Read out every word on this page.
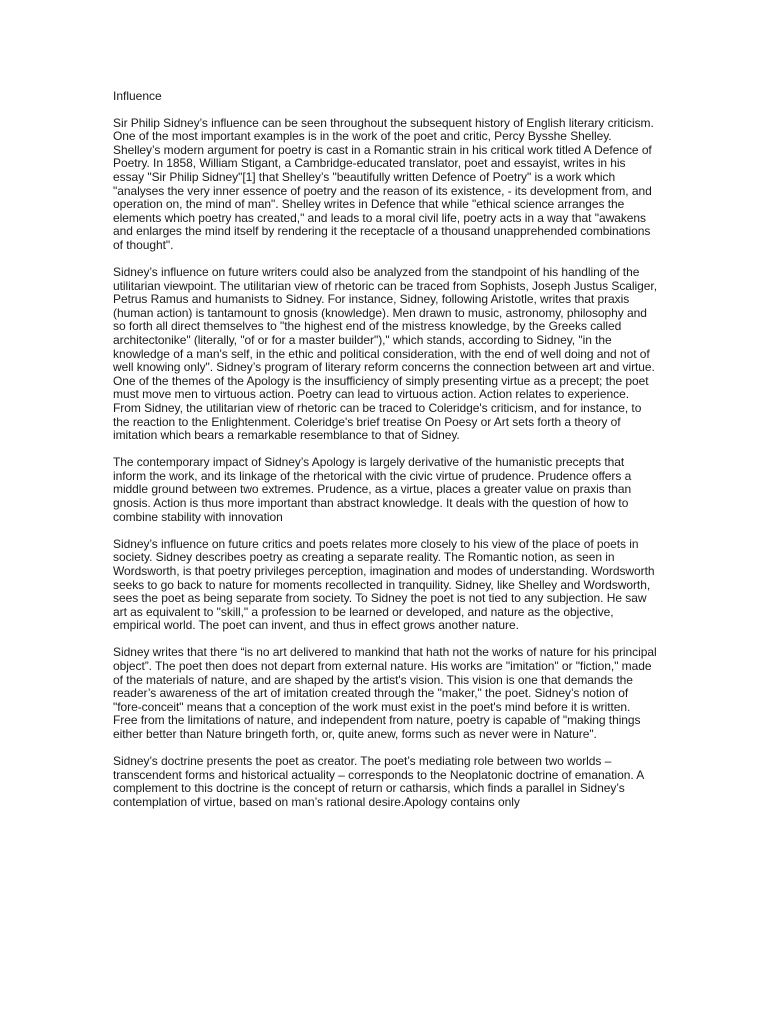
Influence

Sir Philip Sidney’s influence can be seen throughout the subsequent history of English literary criticism. One of the most important examples is in the work of the poet and critic, Percy Bysshe Shelley. Shelley’s modern argument for poetry is cast in a Romantic strain in his critical work titled A Defence of Poetry. In 1858, William Stigant, a Cambridge-educated translator, poet and essayist, writes in his essay "Sir Philip Sidney"[1] that Shelley’s "beautifully written Defence of Poetry" is a work which "analyses the very inner essence of poetry and the reason of its existence, - its development from, and operation on, the mind of man". Shelley writes in Defence that while "ethical science arranges the elements which poetry has created," and leads to a moral civil life, poetry acts in a way that "awakens and enlarges the mind itself by rendering it the receptacle of a thousand unapprehended combinations of thought".

Sidney’s influence on future writers could also be analyzed from the standpoint of his handling of the utilitarian viewpoint. The utilitarian view of rhetoric can be traced from Sophists, Joseph Justus Scaliger, Petrus Ramus and humanists to Sidney. For instance, Sidney, following Aristotle, writes that praxis (human action) is tantamount to gnosis (knowledge). Men drawn to music, astronomy, philosophy and so forth all direct themselves to "the highest end of the mistress knowledge, by the Greeks called architectonike" (literally, "of or for a master builder")," which stands, according to Sidney, "in the knowledge of a man's self, in the ethic and political consideration, with the end of well doing and not of well knowing only". Sidney’s program of literary reform concerns the connection between art and virtue. One of the themes of the Apology is the insufficiency of simply presenting virtue as a precept; the poet must move men to virtuous action. Poetry can lead to virtuous action. Action relates to experience. From Sidney, the utilitarian view of rhetoric can be traced to Coleridge's criticism, and for instance, to the reaction to the Enlightenment. Coleridge's brief treatise On Poesy or Art sets forth a theory of imitation which bears a remarkable resemblance to that of Sidney.

The contemporary impact of Sidney’s Apology is largely derivative of the humanistic precepts that inform the work, and its linkage of the rhetorical with the civic virtue of prudence. Prudence offers a middle ground between two extremes. Prudence, as a virtue, places a greater value on praxis than gnosis. Action is thus more important than abstract knowledge. It deals with the question of how to combine stability with innovation

Sidney’s influence on future critics and poets relates more closely to his view of the place of poets in society. Sidney describes poetry as creating a separate reality. The Romantic notion, as seen in Wordsworth, is that poetry privileges perception, imagination and modes of understanding. Wordsworth seeks to go back to nature for moments recollected in tranquility. Sidney, like Shelley and Wordsworth, sees the poet as being separate from society. To Sidney the poet is not tied to any subjection. He saw art as equivalent to "skill," a profession to be learned or developed, and nature as the objective, empirical world. The poet can invent, and thus in effect grows another nature.

Sidney writes that there “is no art delivered to mankind that hath not the works of nature for his principal object”. The poet then does not depart from external nature. His works are "imitation" or "fiction," made of the materials of nature, and are shaped by the artist's vision. This vision is one that demands the reader’s awareness of the art of imitation created through the "maker," the poet. Sidney’s notion of "fore-conceit" means that a conception of the work must exist in the poet's mind before it is written. Free from the limitations of nature, and independent from nature, poetry is capable of "making things either better than Nature bringeth forth, or, quite anew, forms such as never were in Nature".

Sidney’s doctrine presents the poet as creator. The poet’s mediating role between two worlds – transcendent forms and historical actuality – corresponds to the Neoplatonic doctrine of emanation. A complement to this doctrine is the concept of return or catharsis, which finds a parallel in Sidney’s contemplation of virtue, based on man’s rational desire.Apology contains only
